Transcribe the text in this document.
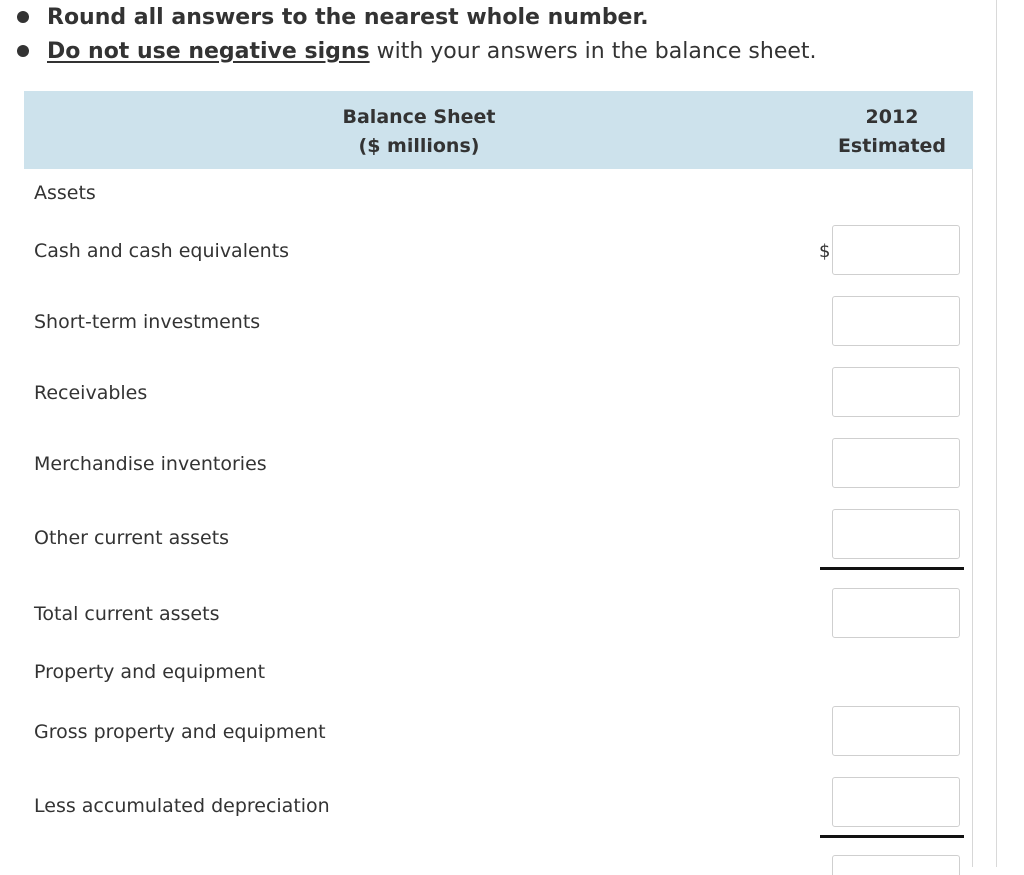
Round all answers to the nearest whole number.
Do not use negative signs with your answers in the balance sheet.
Balance Sheet
($ millions)
2012
Estimated
Assets
Cash and cash equivalents	$
Short-term investments
Receivables
Merchandise inventories
Other current assets
Total current assets
Property and equipment
Gross property and equipment
Less accumulated depreciation
